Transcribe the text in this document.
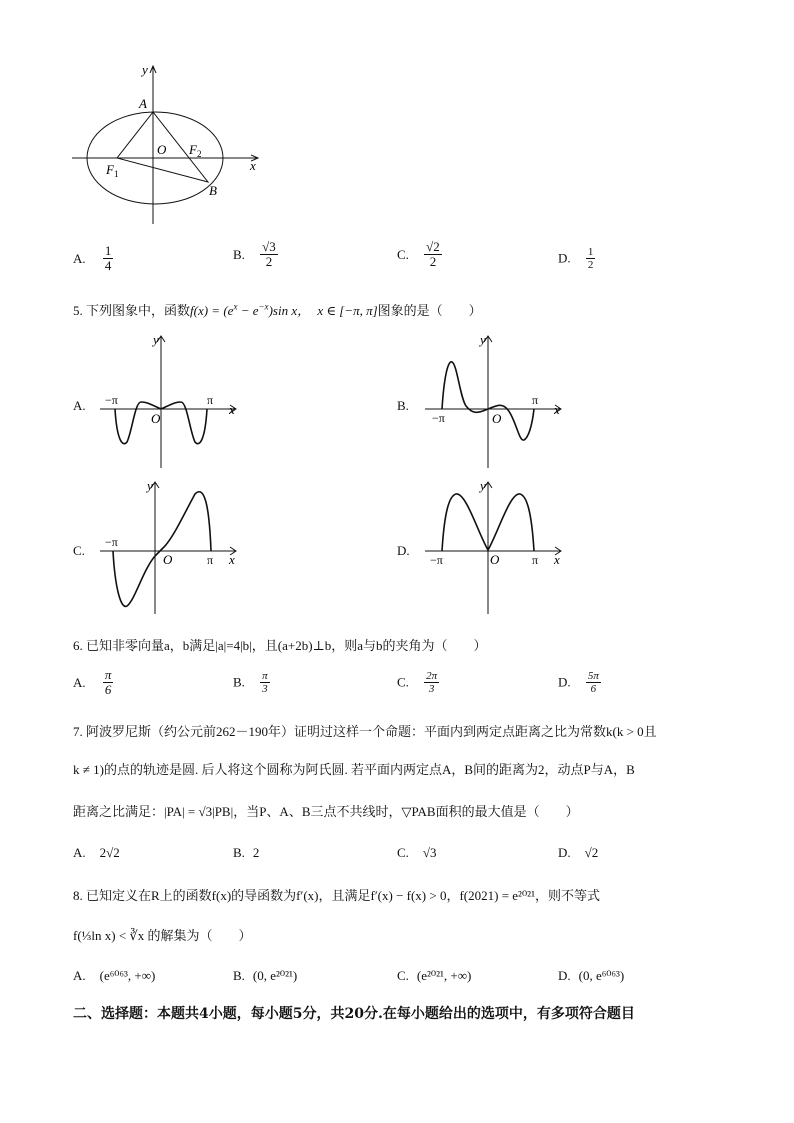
y
x
A
O $F_2$
$F_1$
B
A. $\frac{1}{4}$	B. $\frac{√3}{2}$	C. $\frac{√2}{2}$	D. $\frac{1}{2}$
5. 下列图象中，函数$f(x) = (e^x - e^{-x})\sin$ x， x ∈ [−π, π]图象的是（　　）
A.
y
x
−π	π
O
B.
y
x
−π
π
O
C.
y
x
−π
π
O
D.
y
x
−π	π
O
6. 已知非零向量a，b满足|a|=4|b|，且(a+2b)⊥b，则a与b的夹角为（　　）
A. $\frac{\pi}{6}$	B. $\frac{\pi}{3}$	C. $\frac{2\pi}{3}$	D. $\frac{5\pi}{6}$
7. 阿波罗尼斯（约公元前262－190年）证明过这样一个命题：平面内到两定点距离之比为常数k(k > 0且
k ≠ 1)的点的轨迹是圆. 后人将这个圆称为阿氏圆. 若平面内两定点A，B间的距离为2，动点P与A，B
距离之比满足：|PA| = √3|PB|，当P、A、B三点不共线时，▽PAB面积的最大值是（　　）
A. 2√2	B. 2	C. √3	D. √2
8. 已知定义在R上的函数f(x)的导函数为f′(x)，且满足f′(x) − f(x) > 0，f(2021) = e²⁰²¹，则不等式
f(⅓ln x) < ∛x 的解集为（　　）
A. (e⁶⁰⁶³, +∞)	B. (0, e²⁰²¹)	C. (e²⁰²¹, +∞)	D. (0, e⁶⁰⁶³)
二、选择题：本题共4小题，每小题5分，共20分.在每小题给出的选项中，有多项符合题目
